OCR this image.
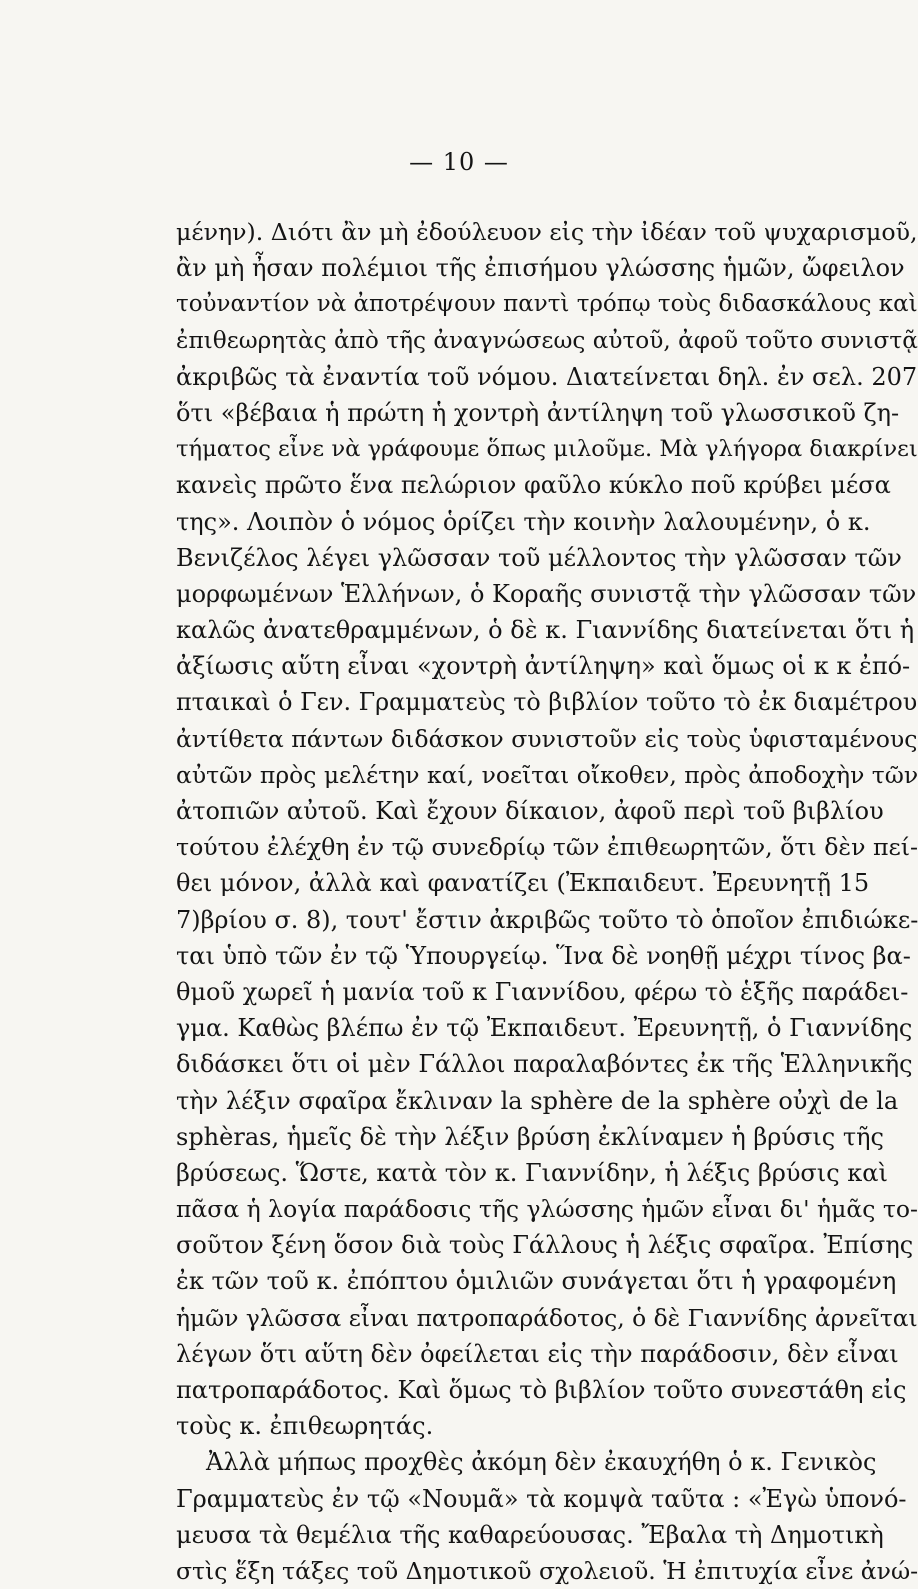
— 10 —
μένην). Διότι ἂν μὴ ἐδούλευον εἰς τὴν ἰδέαν τοῦ ψυχαρισμοῦ,
ἂν μὴ ἦσαν πολέμιοι τῆς ἐπισήμου γλώσσης ἡμῶν, ὤφειλον
τοὐναντίον νὰ ἀποτρέψουν παντὶ τρόπῳ τοὺς διδασκάλους καὶ
ἐπιθεωρητὰς ἀπὸ τῆς ἀναγνώσεως αὐτοῦ, ἀφοῦ τοῦτο συνιστᾷ
ἀκριβῶς τὰ ἐναντία τοῦ νόμου. Διατείνεται δηλ. ἐν σελ. 207
ὅτι «βέβαια ἡ πρώτη ἡ χοντρὴ ἀντίληψη τοῦ γλωσσικοῦ ζη-
τήματος εἶνε νὰ γράφουμε ὅπως μιλοῦμε. Μὰ γλήγορα διακρίνει
κανεὶς πρῶτο ἕνα πελώριον φαῦλο κύκλο ποῦ κρύβει μέσα
της». Λοιπὸν ὁ νόμος ὁρίζει τὴν κοινὴν λαλουμένην, ὁ κ.
Βενιζέλος λέγει γλῶσσαν τοῦ μέλλοντος τὴν γλῶσσαν τῶν
μορφωμένων Ἑλλήνων, ὁ Κοραῆς συνιστᾷ τὴν γλῶσσαν τῶν
καλῶς ἀνατεθραμμένων, ὁ δὲ κ. Γιαννίδης διατείνεται ὅτι ἡ
ἀξίωσις αὕτη εἶναι «χοντρὴ ἀντίληψη» καὶ ὅμως οἱ κ κ ἐπό-
πταικαὶ ὁ Γεν. Γραμματεὺς τὸ βιβλίον τοῦτο τὸ ἐκ διαμέτρου
ἀντίθετα πάντων διδάσκον συνιστοῦν εἰς τοὺς ὑφισταμένους
αὐτῶν πρὸς μελέτην καί, νοεῖται οἴκοθεν, πρὸς ἀποδοχὴν τῶν
ἀτοπιῶν αὐτοῦ. Καὶ ἔχουν δίκαιον, ἀφοῦ περὶ τοῦ βιβλίου
τούτου ἐλέχθη ἐν τῷ συνεδρίῳ τῶν ἐπιθεωρητῶν, ὅτι δὲν πεί-
θει μόνον, ἀλλὰ καὶ φανατίζει (Ἐκπαιδευτ. Ἐρευνητῇ 15
7)βρίου σ. 8), τουτ' ἔστιν ἀκριβῶς τοῦτο τὸ ὁποῖον ἐπιδιώκε-
ται ὑπὸ τῶν ἐν τῷ Ὑπουργείῳ. Ἵνα δὲ νοηθῇ μέχρι τίνος βα-
θμοῦ χωρεῖ ἡ μανία τοῦ κ Γιαννίδου, φέρω τὸ ἑξῆς παράδει-
γμα. Καθὼς βλέπω ἐν τῷ Ἐκπαιδευτ. Ἐρευνητῇ, ὁ Γιαννίδης
διδάσκει ὅτι οἱ μὲν Γάλλοι παραλαβόντες ἐκ τῆς Ἑλληνικῆς
τὴν λέξιν σφαῖρα ἔκλιναν la sphère de la sphère οὐχὶ de la
sphèras, ἡμεῖς δὲ τὴν λέξιν βρύση ἐκλίναμεν ἡ βρύσις τῆς
βρύσεως. Ὥστε, κατὰ τὸν κ. Γιαννίδην, ἡ λέξις βρύσις καὶ
πᾶσα ἡ λογία παράδοσις τῆς γλώσσης ἡμῶν εἶναι δι' ἡμᾶς το-
σοῦτον ξένη ὅσον διὰ τοὺς Γάλλους ἡ λέξις σφαῖρα. Ἐπίσης
ἐκ τῶν τοῦ κ. ἐπόπτου ὁμιλιῶν συνάγεται ὅτι ἡ γραφομένη
ἡμῶν γλῶσσα εἶναι πατροπαράδοτος, ὁ δὲ Γιαννίδης ἀρνεῖται
λέγων ὅτι αὕτη δὲν ὀφείλεται εἰς τὴν παράδοσιν, δὲν εἶναι
πατροπαράδοτος. Καὶ ὅμως τὸ βιβλίον τοῦτο συνεστάθη εἰς
τοὺς κ. ἐπιθεωρητάς.
Ἀλλὰ μήπως προχθὲς ἀκόμη δὲν ἐκαυχήθη ὁ κ. Γενικὸς
Γραμματεὺς ἐν τῷ «Νουμᾶ» τὰ κομψὰ ταῦτα : «Ἐγὼ ὑπονό-
μευσα τὰ θεμέλια τῆς καθαρεύουσας. Ἔβαλα τὴ Δημοτικὴ
στὶς ἕξη τάξες τοῦ Δημοτικοῦ σχολειοῦ. Ἡ ἐπιτυχία εἶνε ἀνώ-
